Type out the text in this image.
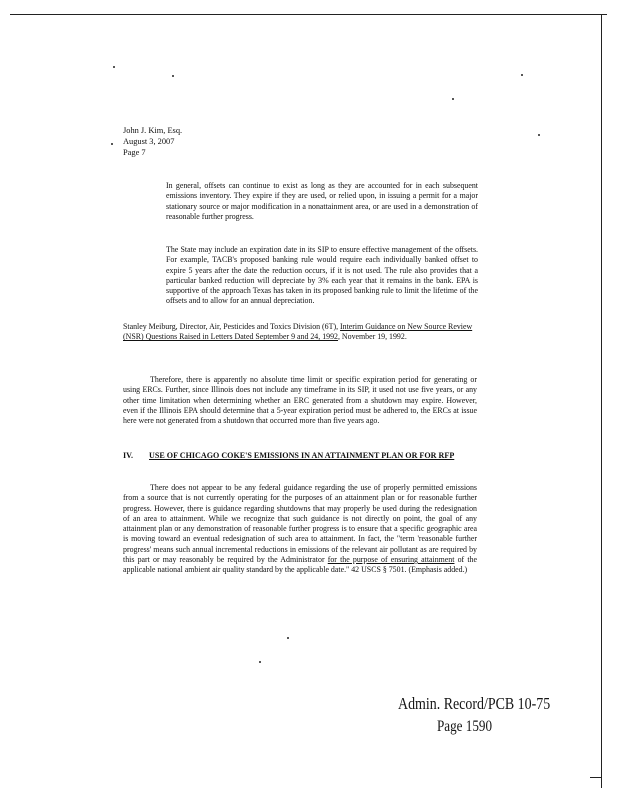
John J. Kim, Esq.
August 3, 2007
Page 7
In general, offsets can continue to exist as long as they are accounted for in each subsequent emissions inventory. They expire if they are used, or relied upon, in issuing a permit for a major stationary source or major modification in a nonattainment area, or are used in a demonstration of reasonable further progress.
The State may include an expiration date in its SIP to ensure effective management of the offsets. For example, TACB's proposed banking rule would require each individually banked offset to expire 5 years after the date the reduction occurs, if it is not used. The rule also provides that a particular banked reduction will depreciate by 3% each year that it remains in the bank. EPA is supportive of the approach Texas has taken in its proposed banking rule to limit the lifetime of the offsets and to allow for an annual depreciation.
Stanley Meiburg, Director, Air, Pesticides and Toxics Division (6T), Interim Guidance on New Source Review (NSR) Questions Raised in Letters Dated September 9 and 24, 1992, November 19, 1992.
Therefore, there is apparently no absolute time limit or specific expiration period for generating or using ERCs. Further, since Illinois does not include any timeframe in its SIP, it used not use five years, or any other time limitation when determining whether an ERC generated from a shutdown may expire. However, even if the Illinois EPA should determine that a 5-year expiration period must be adhered to, the ERCs at issue here were not generated from a shutdown that occurred more than five years ago.
IV. USE OF CHICAGO COKE'S EMISSIONS IN AN ATTAINMENT PLAN OR FOR RFP
There does not appear to be any federal guidance regarding the use of properly permitted emissions from a source that is not currently operating for the purposes of an attainment plan or for reasonable further progress. However, there is guidance regarding shutdowns that may properly be used during the redesignation of an area to attainment. While we recognize that such guidance is not directly on point, the goal of any attainment plan or any demonstration of reasonable further progress is to ensure that a specific geographic area is moving toward an eventual redesignation of such area to attainment. In fact, the "term 'reasonable further progress' means such annual incremental reductions in emissions of the relevant air pollutant as are required by this part or may reasonably be required by the Administrator for the purpose of ensuring attainment of the applicable national ambient air quality standard by the applicable date." 42 USCS § 7501. (Emphasis added.)
Admin. Record/PCB 10-75
Page 1590
